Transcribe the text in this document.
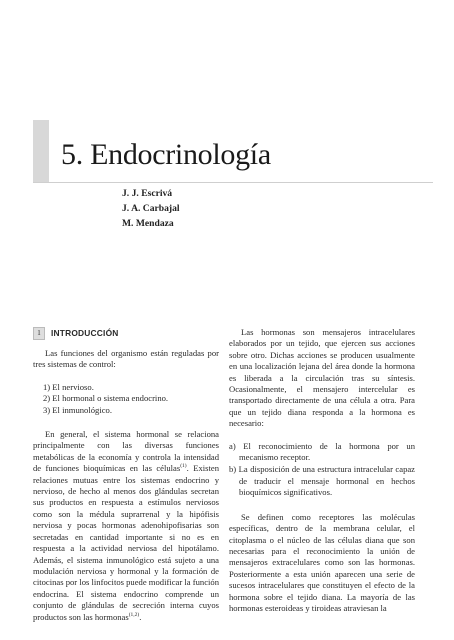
5. Endocrinología
J. J. Escrivá
J. A. Carbajal
M. Mendaza
1	INTRODUCCIÓN

Las funciones del organismo están reguladas por tres sistemas de control:

1) El nervioso.
2) El hormonal o sistema endocrino.
3) El inmunológico.

En general, el sistema hormonal se relaciona principalmente con las diversas funciones metabólicas de la economía y controla la intensidad de funciones bioquímicas en las células$^{(1)}$. Existen relaciones mutuas entre los sistemas endocrino y nervioso, de hecho al menos dos glándulas secretan sus productos en respuesta a estímulos nerviosos como son la médula suprarrenal y la hipófisis nerviosa y pocas hormonas adenohipofisarias son secretadas en cantidad importante si no es en respuesta a la actividad nerviosa del hipotálamo. Además, el sistema inmunológico está sujeto a una modulación nerviosa y hormonal y la formación de citocinas por los linfocitos puede modificar la función endocrina. El sistema endocrino comprende un conjunto de glándulas de secreción interna cuyos productos son las hormonas$^{(1,2)}$.

Las hormonas son mensajeros intracelulares elaborados por un tejido, que ejercen sus acciones sobre otro. Dichas acciones se producen usualmente en una localización lejana del área donde la hormona es liberada a la circulación tras su síntesis. Ocasionalmente, el mensajero intercelular es transportado directamente de una célula a otra. Para que un tejido diana responda a la hormona es necesario:

a) El reconocimiento de la hormona por un mecanismo receptor.
b) La disposición de una estructura intracelular capaz de traducir el mensaje hormonal en hechos bioquímicos significativos.

Se definen como receptores las moléculas específicas, dentro de la membrana celular, el citoplasma o el núcleo de las células diana que son necesarias para el reconocimiento la unión de mensajeros extracelulares como son las hormonas. Posteriormente a esta unión aparecen una serie de sucesos intracelulares que constituyen el efecto de la hormona sobre el tejido diana. La mayoría de las hormonas esteroideas y tiroideas atraviesan la
